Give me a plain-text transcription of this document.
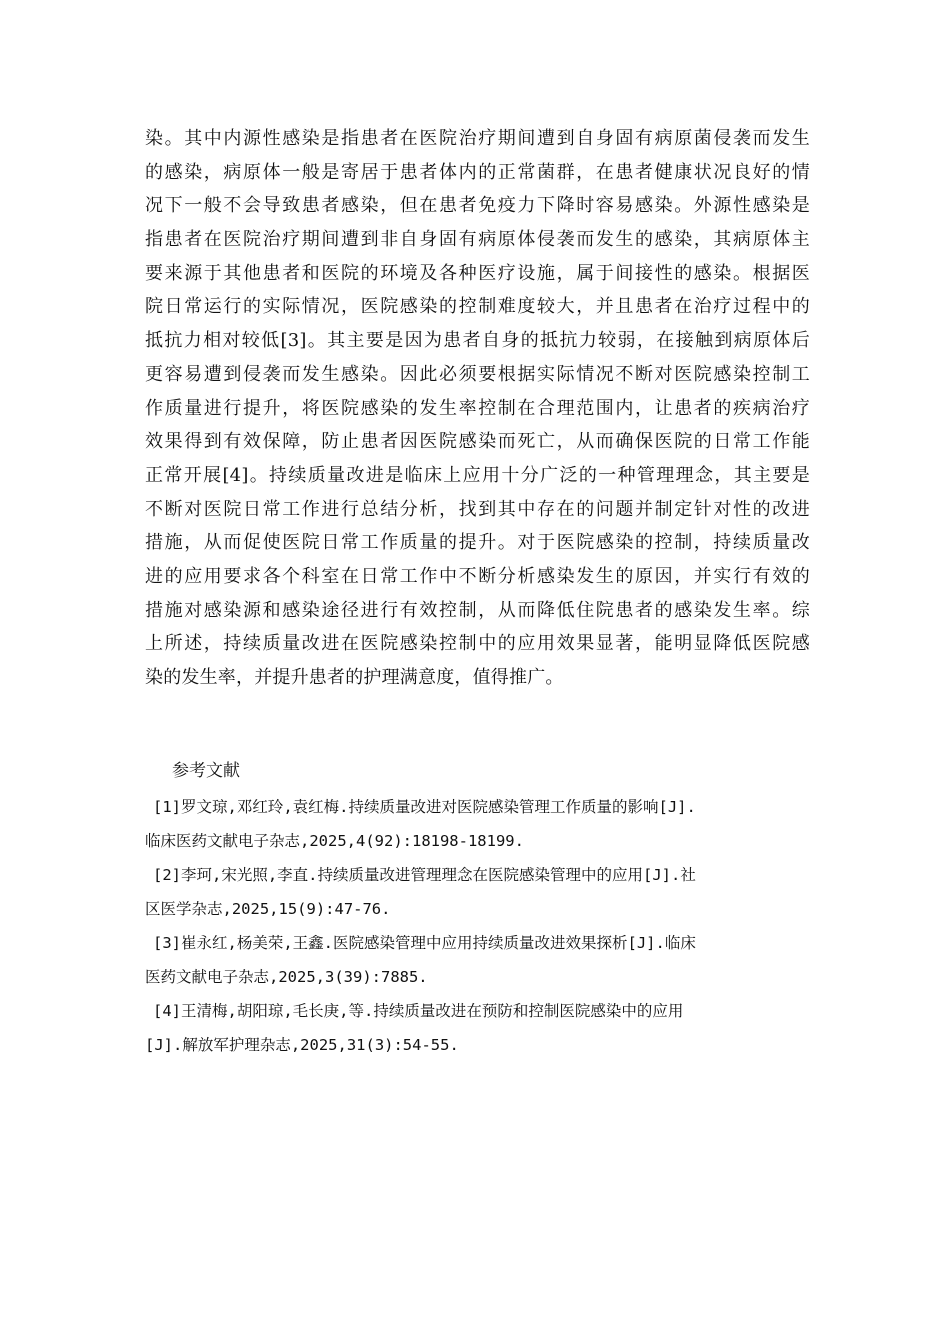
染。其中内源性感染是指患者在医院治疗期间遭到自身固有病原菌侵袭而发生
的感染，病原体一般是寄居于患者体内的正常菌群，在患者健康状况良好的情
况下一般不会导致患者感染，但在患者免疫力下降时容易感染。外源性感染是
指患者在医院治疗期间遭到非自身固有病原体侵袭而发生的感染，其病原体主
要来源于其他患者和医院的环境及各种医疗设施，属于间接性的感染。根据医
院日常运行的实际情况，医院感染的控制难度较大，并且患者在治疗过程中的
抵抗力相对较低[3]。其主要是因为患者自身的抵抗力较弱，在接触到病原体后
更容易遭到侵袭而发生感染。因此必须要根据实际情况不断对医院感染控制工
作质量进行提升，将医院感染的发生率控制在合理范围内，让患者的疾病治疗
效果得到有效保障，防止患者因医院感染而死亡，从而确保医院的日常工作能
正常开展[4]。持续质量改进是临床上应用十分广泛的一种管理理念，其主要是
不断对医院日常工作进行总结分析，找到其中存在的问题并制定针对性的改进
措施，从而促使医院日常工作质量的提升。对于医院感染的控制，持续质量改
进的应用要求各个科室在日常工作中不断分析感染发生的原因，并实行有效的
措施对感染源和感染途径进行有效控制，从而降低住院患者的感染发生率。综
上所述，持续质量改进在医院感染控制中的应用效果显著，能明显降低医院感
染的发生率，并提升患者的护理满意度，值得推广。
参考文献
[1]罗文琼,邓红玲,袁红梅.持续质量改进对医院感染管理工作质量的影响[J].
临床医药文献电子杂志,2025,4(92):18198-18199.
[2]李珂,宋光照,李直.持续质量改进管理理念在医院感染管理中的应用[J].社
区医学杂志,2025,15(9):47-76.
[3]崔永红,杨美荣,王鑫.医院感染管理中应用持续质量改进效果探析[J].临床
医药文献电子杂志,2025,3(39):7885.
[4]王清梅,胡阳琼,毛长庚,等.持续质量改进在预防和控制医院感染中的应用
[J].解放军护理杂志,2025,31(3):54-55.
